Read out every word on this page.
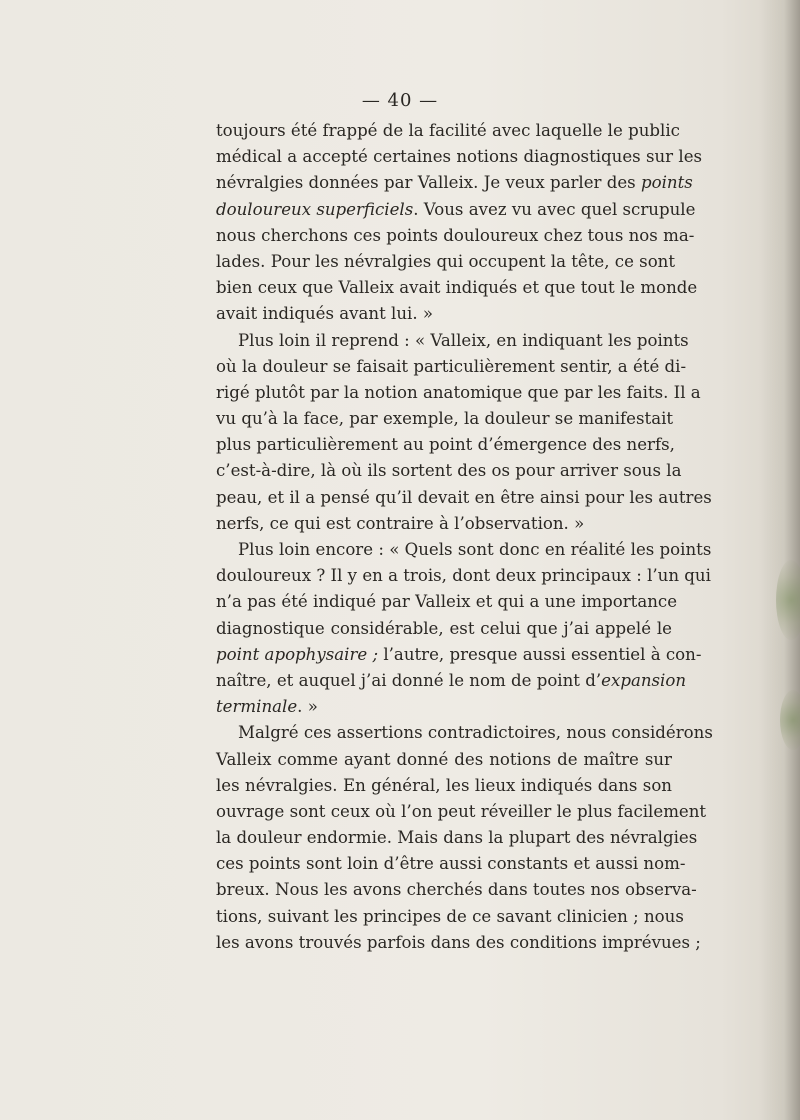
— 40 —
toujours été frappé de la facilité avec laquelle le public
médical a accepté certaines notions diagnostiques sur les
névralgies données par Valleix. Je veux parler des points
douloureux superficiels. Vous avez vu avec quel scrupule
nous cherchons ces points douloureux chez tous nos ma-
lades. Pour les névralgies qui occupent la tête, ce sont
bien ceux que Valleix avait indiqués et que tout le monde
avait indiqués avant lui. »
Plus loin il reprend : « Valleix, en indiquant les points
où la douleur se faisait particulièrement sentir, a été di-
rigé plutôt par la notion anatomique que par les faits. Il a
vu qu’à la face, par exemple, la douleur se manifestait
plus particulièrement au point d’émergence des nerfs,
c’est-à-dire, là où ils sortent des os pour arriver sous la
peau, et il a pensé qu’il devait en être ainsi pour les autres
nerfs, ce qui est contraire à l’observation. »
Plus loin encore : « Quels sont donc en réalité les points
douloureux ? Il y en a trois, dont deux principaux : l’un qui
n’a pas été indiqué par Valleix et qui a une importance
diagnostique considérable, est celui que j’ai appelé le
point apophysaire ; l’autre, presque aussi essentiel à con-
naître, et auquel j’ai donné le nom de point d’expansion
terminale. »
Malgré ces assertions contradictoires, nous considérons
Valleix comme ayant donné des notions de maître sur
les névralgies. En général, les lieux indiqués dans son
ouvrage sont ceux où l’on peut réveiller le plus facilement
la douleur endormie. Mais dans la plupart des névralgies
ces points sont loin d’être aussi constants et aussi nom-
breux. Nous les avons cherchés dans toutes nos observa-
tions, suivant les principes de ce savant clinicien ; nous
les avons trouvés parfois dans des conditions imprévues ;
